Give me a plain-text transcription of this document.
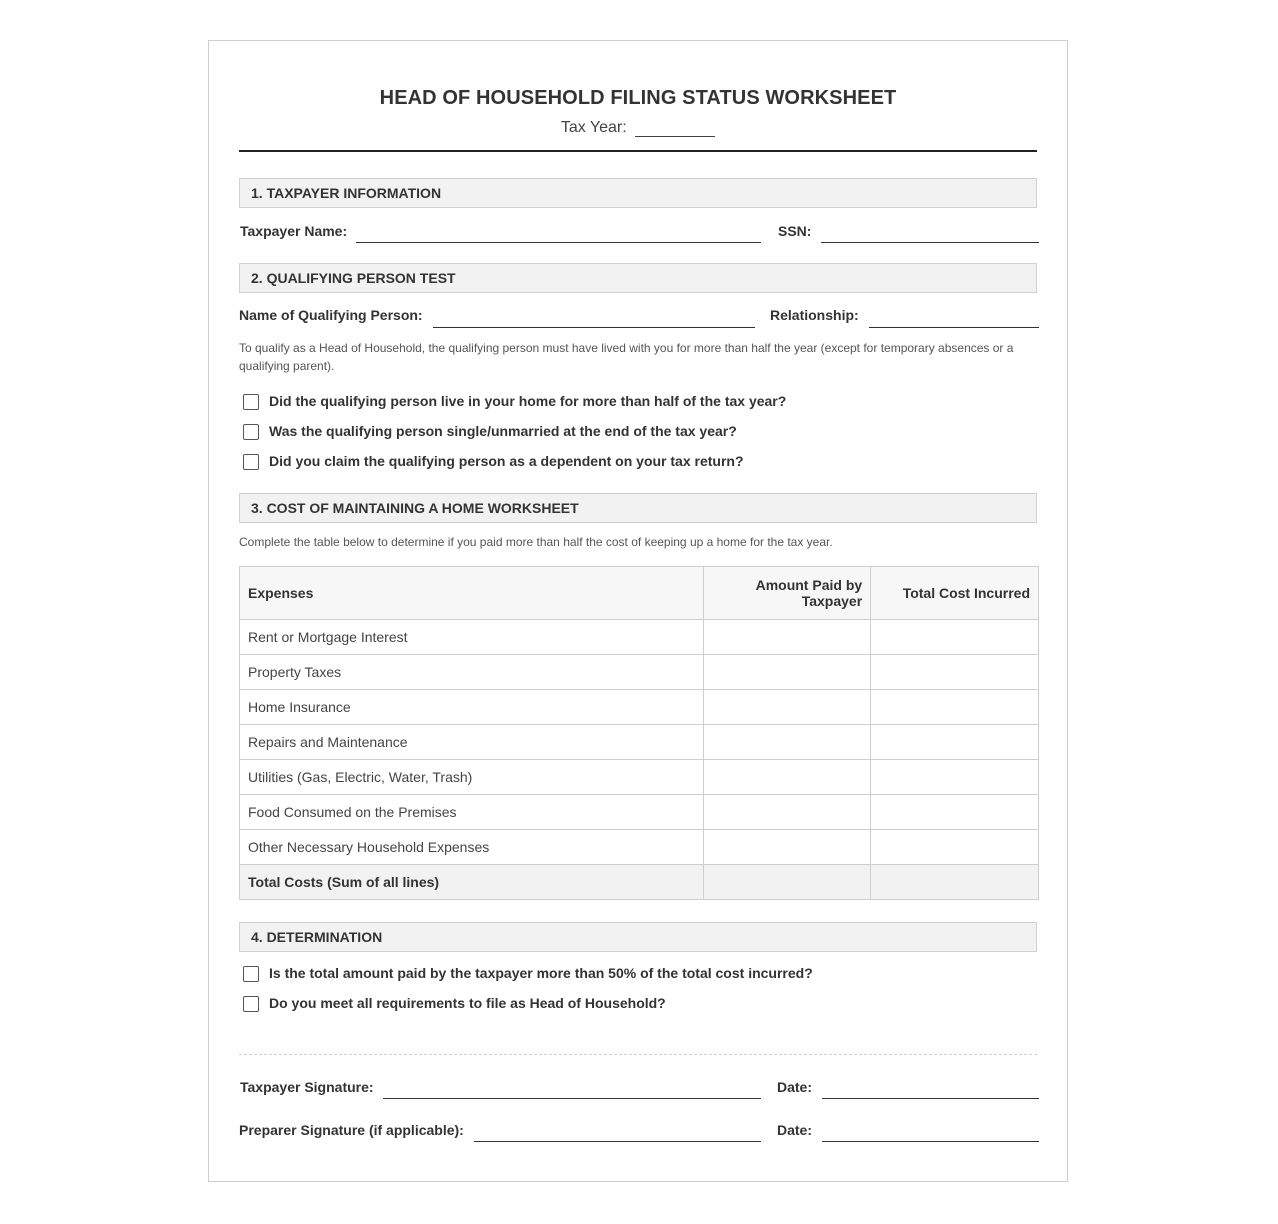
HEAD OF HOUSEHOLD FILING STATUS WORKSHEET
Tax Year:
1. TAXPAYER INFORMATION
Taxpayer Name:	SSN:
2. QUALIFYING PERSON TEST
Name of Qualifying Person:	Relationship:
To qualify as a Head of Household, the qualifying person must have lived with you for more than half the year (except for temporary absences or a qualifying parent).
Did the qualifying person live in your home for more than half of the tax year?
Was the qualifying person single/unmarried at the end of the tax year?
Did you claim the qualifying person as a dependent on your tax return?
3. COST OF MAINTAINING A HOME WORKSHEET
Complete the table below to determine if you paid more than half the cost of keeping up a home for the tax year.
Expenses	Amount Paid by Taxpayer	Total Cost Incurred
Rent or Mortgage Interest		
Property Taxes		
Home Insurance		
Repairs and Maintenance		
Utilities (Gas, Electric, Water, Trash)		
Food Consumed on the Premises		
Other Necessary Household Expenses		
Total Costs (Sum of all lines)		
4. DETERMINATION
Is the total amount paid by the taxpayer more than 50% of the total cost incurred?
Do you meet all requirements to file as Head of Household?
Taxpayer Signature:	Date:
Preparer Signature (if applicable):	Date:
